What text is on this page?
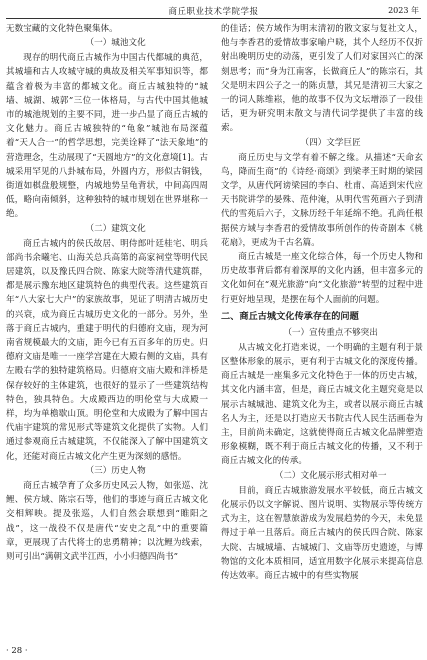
商丘职业技术学院学报	2023 年

无数宝藏的文化特色聚集体。

（一）城池文化

现存的明代商丘古城作为中国古代都城的典范，其城墙和古人攻城守城的典故及相关军事知识等，都蕴含着极为丰富的都城文化。商丘古城独特的“城墙、城湖、城郭”三位一体格局，与古代中国其他城市的城池规划的主要不同，进一步凸显了商丘古城的文化魅力。商丘古城独特的“龟象”城池布局深蕴着“天人合一”的哲学思想，完美诠释了“法天象地”的营造理念，生动展现了“天圆地方”的文化意境[1]。古城采用罕见的八卦城布局，外圆内方，形似古铜钱，街道如棋盘般规整，内城地势呈龟背状，中间高四周低，略向南倾斜，这种独特的城市规划在世界堪称一绝。

（二）建筑文化

商丘古城内的侯氏故居、明侍郎叶廷桂宅、明兵部尚书余曦宅、山海关总兵高第的高家祠堂等明代民居建筑，以及豫氏四合院、陈家大院等清代建筑群，都是展示豫东地区建筑特色的典型代表。这些建筑百年“八大家七大户”的家族故事，见证了明清古城历史的兴衰，成为商丘古城历史文化的一部分。另外，坐落于商丘古城内，重建于明代的归德府文庙，现为河南省规模最大的文庙，距今已有五百多年的历史。归德府文庙是唯一一座学宫建在大殿右侧的文庙，具有左殿右学的独特建筑格局。归德府文庙大殿和泮桥是保存较好的主体建筑，也很好的显示了一些建筑结构特色，独具特色。大成殿西边的明伦堂与大成殿一样，均为单檐歇山顶。明伦堂和大成殿为了解中国古代庙宇建筑的常见形式等建筑文化提供了实物。人们通过参观商丘古城建筑，不仅能深入了解中国建筑文化，还能对商丘古城文化产生更为深刻的感悟。

（三）历史人物

商丘古城孕育了众多历史风云人物，如张巡、沈鲤、侯方域、陈宗石等，他们的事迹与商丘古城文化交相辉映。提及张巡，人们自然会联想到“睢阳之战”，这一战役不仅是唐代“安史之乱”中的重要篇章，更展现了古代将士的忠勇精神；以沈鲤为线索，则可引出“满朝文武半江西，小小归德四尚书”

的佳话；侯方域作为明末清初的散文家与复社文人，他与李香君的爱情故事家喻户晓，其个人经历不仅折射出晚明历史的动荡，更引发了人们对家国兴亡的深刻思考；而“身为江南客，长做商丘人”的陈宗石，其父是明末四公子之一的陈贞慧，其兄是清初三大家之一的词人陈维崧，他的故事不仅为文坛增添了一段佳话，更为研究明末散文与清代词学提供了丰富的线索。

（四）文学巨匠

商丘历史与文学有着不解之缘。从描述“天命玄鸟，降而生商”的《诗经·商颂》到梁孝王时期的梁园文学，从唐代阿谤梁园的李白、杜甫、高适到宋代应天书院讲学的晏殊、范仲淹，从明代雪苑画六子到清代的雪苑后六子，文脉历经千年延绵不绝。孔尚任根据侯方域与李香君的爱情故事所创作的传奇剧本《桃花扇》，更成为千古名篇。

商丘古城是一座文化综合体，每一个历史人物和历史故事背后都有着深厚的文化内涵，但丰富多元的文化如何在“观光旅游”向“文化旅游”转型的过程中进行更好地呈现，是摆在每个人面前的问题。

二、商丘古城文化传承存在的问题

（一）宣传重点不够突出

从古城文化打造来说，一个明确的主题有利于景区整体形象的展示，更有利于古城文化的深度传播。商丘古城是一座集多元文化特色于一体的历史古城，其文化内涵丰富，但是，商丘古城文化主题究竟是以展示古城城池、建筑文化为主，或者以展示商丘古城名人为主，还是以打造应天书院古代人民生活画卷为主，目前尚未确定，这就使得商丘古城文化品牌塑造形象模糊，既不利于商丘古城文化的传播，又不利于商丘古城文化的传承。

（二）文化展示形式相对单一

目前，商丘古城旅游发展水平较低，商丘古城文化展示仍以文字解说、图片说明、实物展示等传统方式为主，这在智慧旅游成为发展趋势的今天，未免显得过于单一且落后。商丘古城内的侯氏四合院、陈家大院、古城城墙、古城城门、文庙等历史遗迹，与博物馆的文化本质相同，适宜用数字化展示来提高信息传达效率。商丘古城中的有些实物展

· 28 ·
